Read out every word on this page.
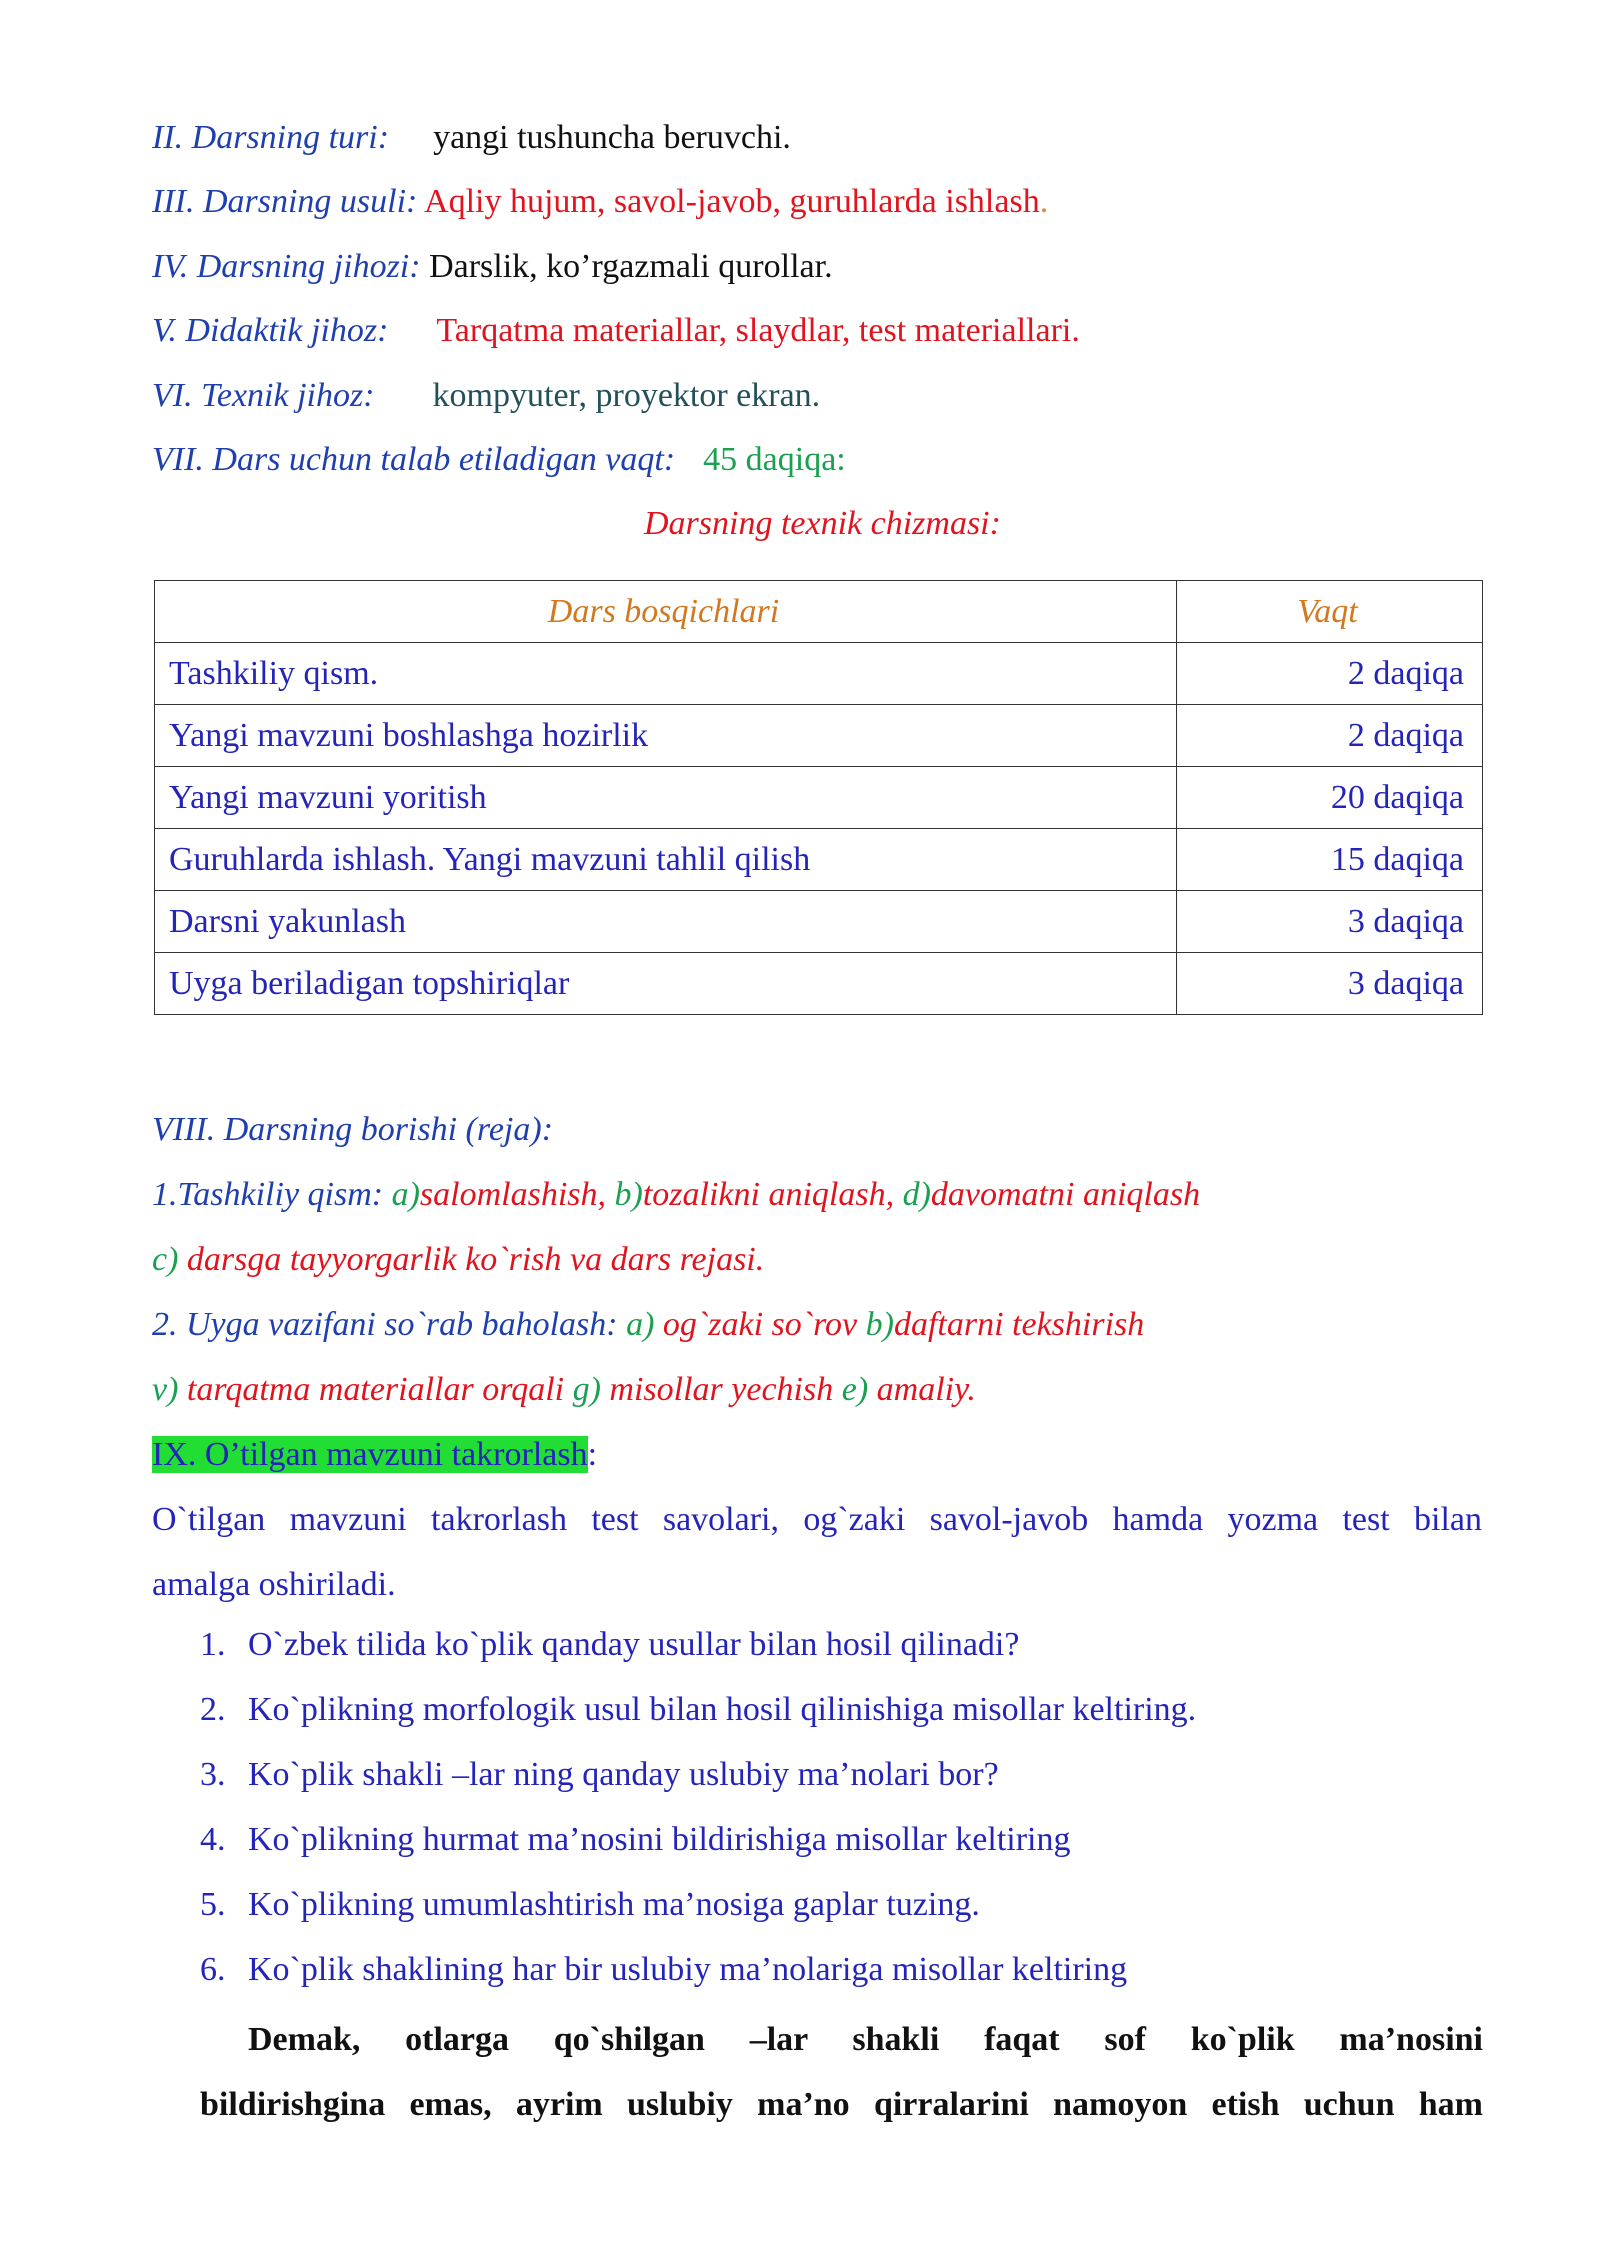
II. Darsning turi: yangi tushuncha beruvchi.
III. Darsning usuli: Aqliy hujum, savol-javob, guruhlarda ishlash.
IV. Darsning jihozi: Darslik, ko’rgazmali qurollar.
V. Didaktik jihoz: Tarqatma materiallar, slaydlar, test materiallari.
VI. Texnik jihoz: kompyuter, proyektor ekran.
VII. Dars uchun talab etiladigan vaqt: 45 daqiqa:
Darsning texnik chizmasi:
Dars bosqichlari	Vaqt
Tashkiliy qism.	2 daqiqa
Yangi mavzuni boshlashga hozirlik	2 daqiqa
Yangi mavzuni yoritish	20 daqiqa
Guruhlarda ishlash. Yangi mavzuni tahlil qilish	15 daqiqa
Darsni yakunlash	3 daqiqa
Uyga beriladigan topshiriqlar	3 daqiqa
VIII. Darsning borishi (reja):
1.Tashkiliy qism: a)salomlashish, b)tozalikni aniqlash, d)davomatni aniqlash
c) darsga tayyorgarlik ko`rish va dars rejasi.
2. Uyga vazifani so`rab baholash: a) og`zaki so`rov b)daftarni tekshirish
v) tarqatma materiallar orqali g) misollar yechish e) amaliy.
IX. O’tilgan mavzuni takrorlash:
O`tilgan mavzuni takrorlash test savolari, og`zaki savol-javob hamda yozma test bilan
amalga oshiriladi.
1. O`zbek tilida ko`plik qanday usullar bilan hosil qilinadi?
2. Ko`plikning morfologik usul bilan hosil qilinishiga misollar keltiring.
3. Ko`plik shakli –lar ning qanday uslubiy ma’nolari bor?
4. Ko`plikning hurmat ma’nosini bildirishiga misollar keltiring
5. Ko`plikning umumlashtirish ma’nosiga gaplar tuzing.
6. Ko`plik shaklining har bir uslubiy ma’nolariga misollar keltiring
Demak, otlarga qo`shilgan –lar shakli faqat sof ko`plik ma’nosini
bildirishgina emas, ayrim uslubiy ma’no qirralarini namoyon etish uchun ham
